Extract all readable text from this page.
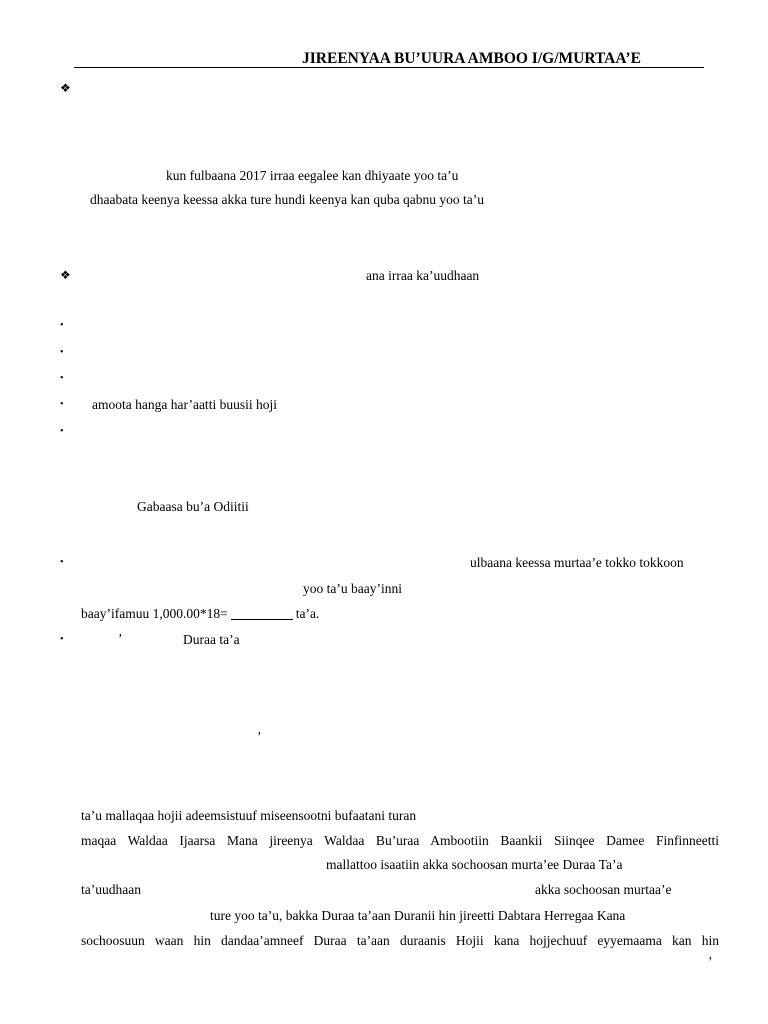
JIREENYAA BU’UURA AMBOO I/G/MURTAA’E
❖
kun fulbaana 2017 irraa eegalee kan dhiyaate yoo ta’u
dhaabata keenya keessa akka ture hundi keenya kan quba qabnu yoo ta’u
❖	ana irraa ka’uudhaan
•
•
•
• amoota hanga har’aatti buusii hoji
•
Gabaasa bu’a Odiitii
•	ulbaana keessa murtaa’e tokko tokkoon
yoo ta’u baay’inni
baay’ifamuu 1,000.00*18=	ta’a.
•	’	Duraa ta’a
’
ta’u mallaqaa hojii adeemsistuuf miseensootni bufaatani turan
maqaa Waldaa Ijaarsa Mana jireenya Waldaa Bu’uraa Ambootiin Baankii Siinqee Damee Finfinneetti
mallattoo isaatiin akka sochoosan murta’ee Duraa Ta’a
ta’uudhaan	akka sochoosan murtaa’e
ture yoo ta’u, bakka Duraa ta’aan Duranii hin jireetti Dabtara Herregaa Kana
sochoosuun waan hin dandaa’amneef Duraa ta’aan duraanis Hojii kana hojjechuuf eyyemaama kan hin
’
